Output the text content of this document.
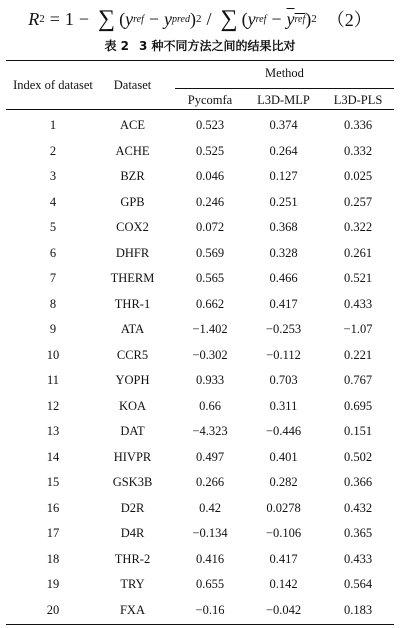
R 2 = 1 − ∑ ( y ref − y pred ) 2 / ∑ ( y ref − $\overline{y}$ $\overline{ref}$ ) 2 （2）
表 2 3 种不同方法之间的结果比对
Index of dataset	Dataset
Method
Pycomfa	L3D-MLP	L3D-PLS
1	ACE	0.523	0.374	0.336
2	ACHE	0.525	0.264	0.332
3	BZR	0.046	0.127	0.025
4	GPB	0.246	0.251	0.257
5	COX2	0.072	0.368	0.322
6	DHFR	0.569	0.328	0.261
7	THERM	0.565	0.466	0.521
8	THR-1	0.662	0.417	0.433
9	ATA	−1.402	−0.253	−1.07
10	CCR5	−0.302	−0.112	0.221
11	YOPH	0.933	0.703	0.767
12	KOA	0.66	0.311	0.695
13	DAT	−4.323	−0.446	0.151
14	HIVPR	0.497	0.401	0.502
15	GSK3B	0.266	0.282	0.366
16	D2R	0.42	0.0278	0.432
17	D4R	−0.134	−0.106	0.365
18	THR-2	0.416	0.417	0.433
19	TRY	0.655	0.142	0.564
20	FXA	−0.16	−0.042	0.183
